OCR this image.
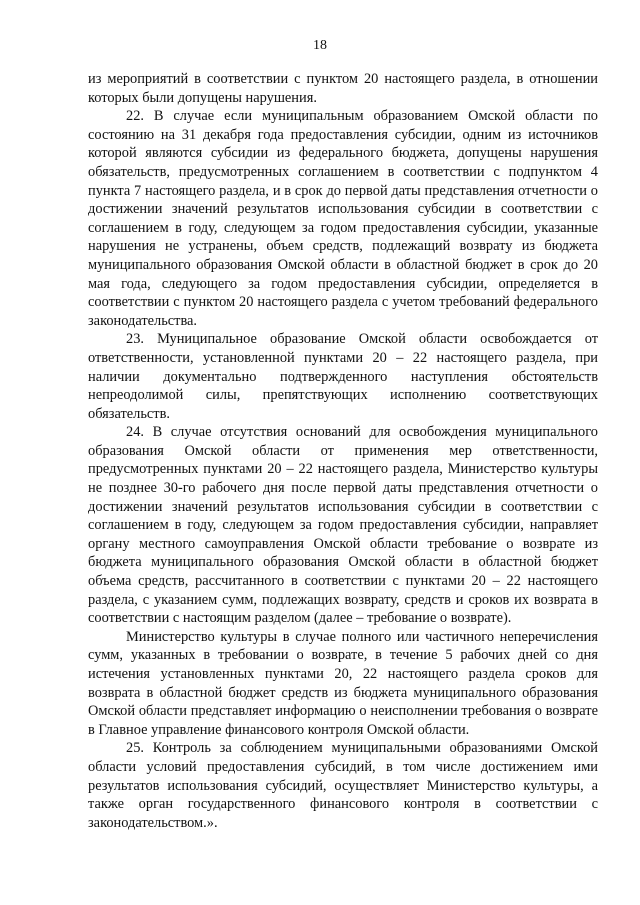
18

из мероприятий в соответствии с пунктом 20 настоящего раздела, в отношении которых были допущены нарушения.

22. В случае если муниципальным образованием Омской области по состоянию на 31 декабря года предоставления субсидии, одним из источников которой являются субсидии из федерального бюджета, допущены нарушения обязательств, предусмотренных соглашением в соответствии с подпунктом 4 пункта 7 настоящего раздела, и в срок до первой даты представления отчетности о достижении значений результатов использования субсидии в соответствии с соглашением в году, следующем за годом предоставления субсидии, указанные нарушения не устранены, объем средств, подлежащий возврату из бюджета муниципального образования Омской области в областной бюджет в срок до 20 мая года, следующего за годом предоставления субсидии, определяется в соответствии с пунктом 20 настоящего раздела с учетом требований федерального законодательства.

23. Муниципальное образование Омской области освобождается от ответственности, установленной пунктами 20 – 22 настоящего раздела, при наличии документально подтвержденного наступления обстоятельств непреодолимой силы, препятствующих исполнению соответствующих обязательств.

24. В случае отсутствия оснований для освобождения муниципального образования Омской области от применения мер ответственности, предусмотренных пунктами 20 – 22 настоящего раздела, Министерство культуры не позднее 30-го рабочего дня после первой даты представления отчетности о достижении значений результатов использования субсидии в соответствии с соглашением в году, следующем за годом предоставления субсидии, направляет органу местного самоуправления Омской области требование о возврате из бюджета муниципального образования Омской области в областной бюджет объема средств, рассчитанного в соответствии с пунктами 20 – 22 настоящего раздела, с указанием сумм, подлежащих возврату, средств и сроков их возврата в соответствии с настоящим разделом (далее – требование о возврате).

Министерство культуры в случае полного или частичного неперечисления сумм, указанных в требовании о возврате, в течение 5 рабочих дней со дня истечения установленных пунктами 20, 22 настоящего раздела сроков для возврата в областной бюджет средств из бюджета муниципального образования Омской области представляет информацию о неисполнении требования о возврате в Главное управление финансового контроля Омской области.

25. Контроль за соблюдением муниципальными образованиями Омской области условий предоставления субсидий, в том числе достижением ими результатов использования субсидий, осуществляет Министерство культуры, а также орган государственного финансового контроля в соответствии с законодательством.».
